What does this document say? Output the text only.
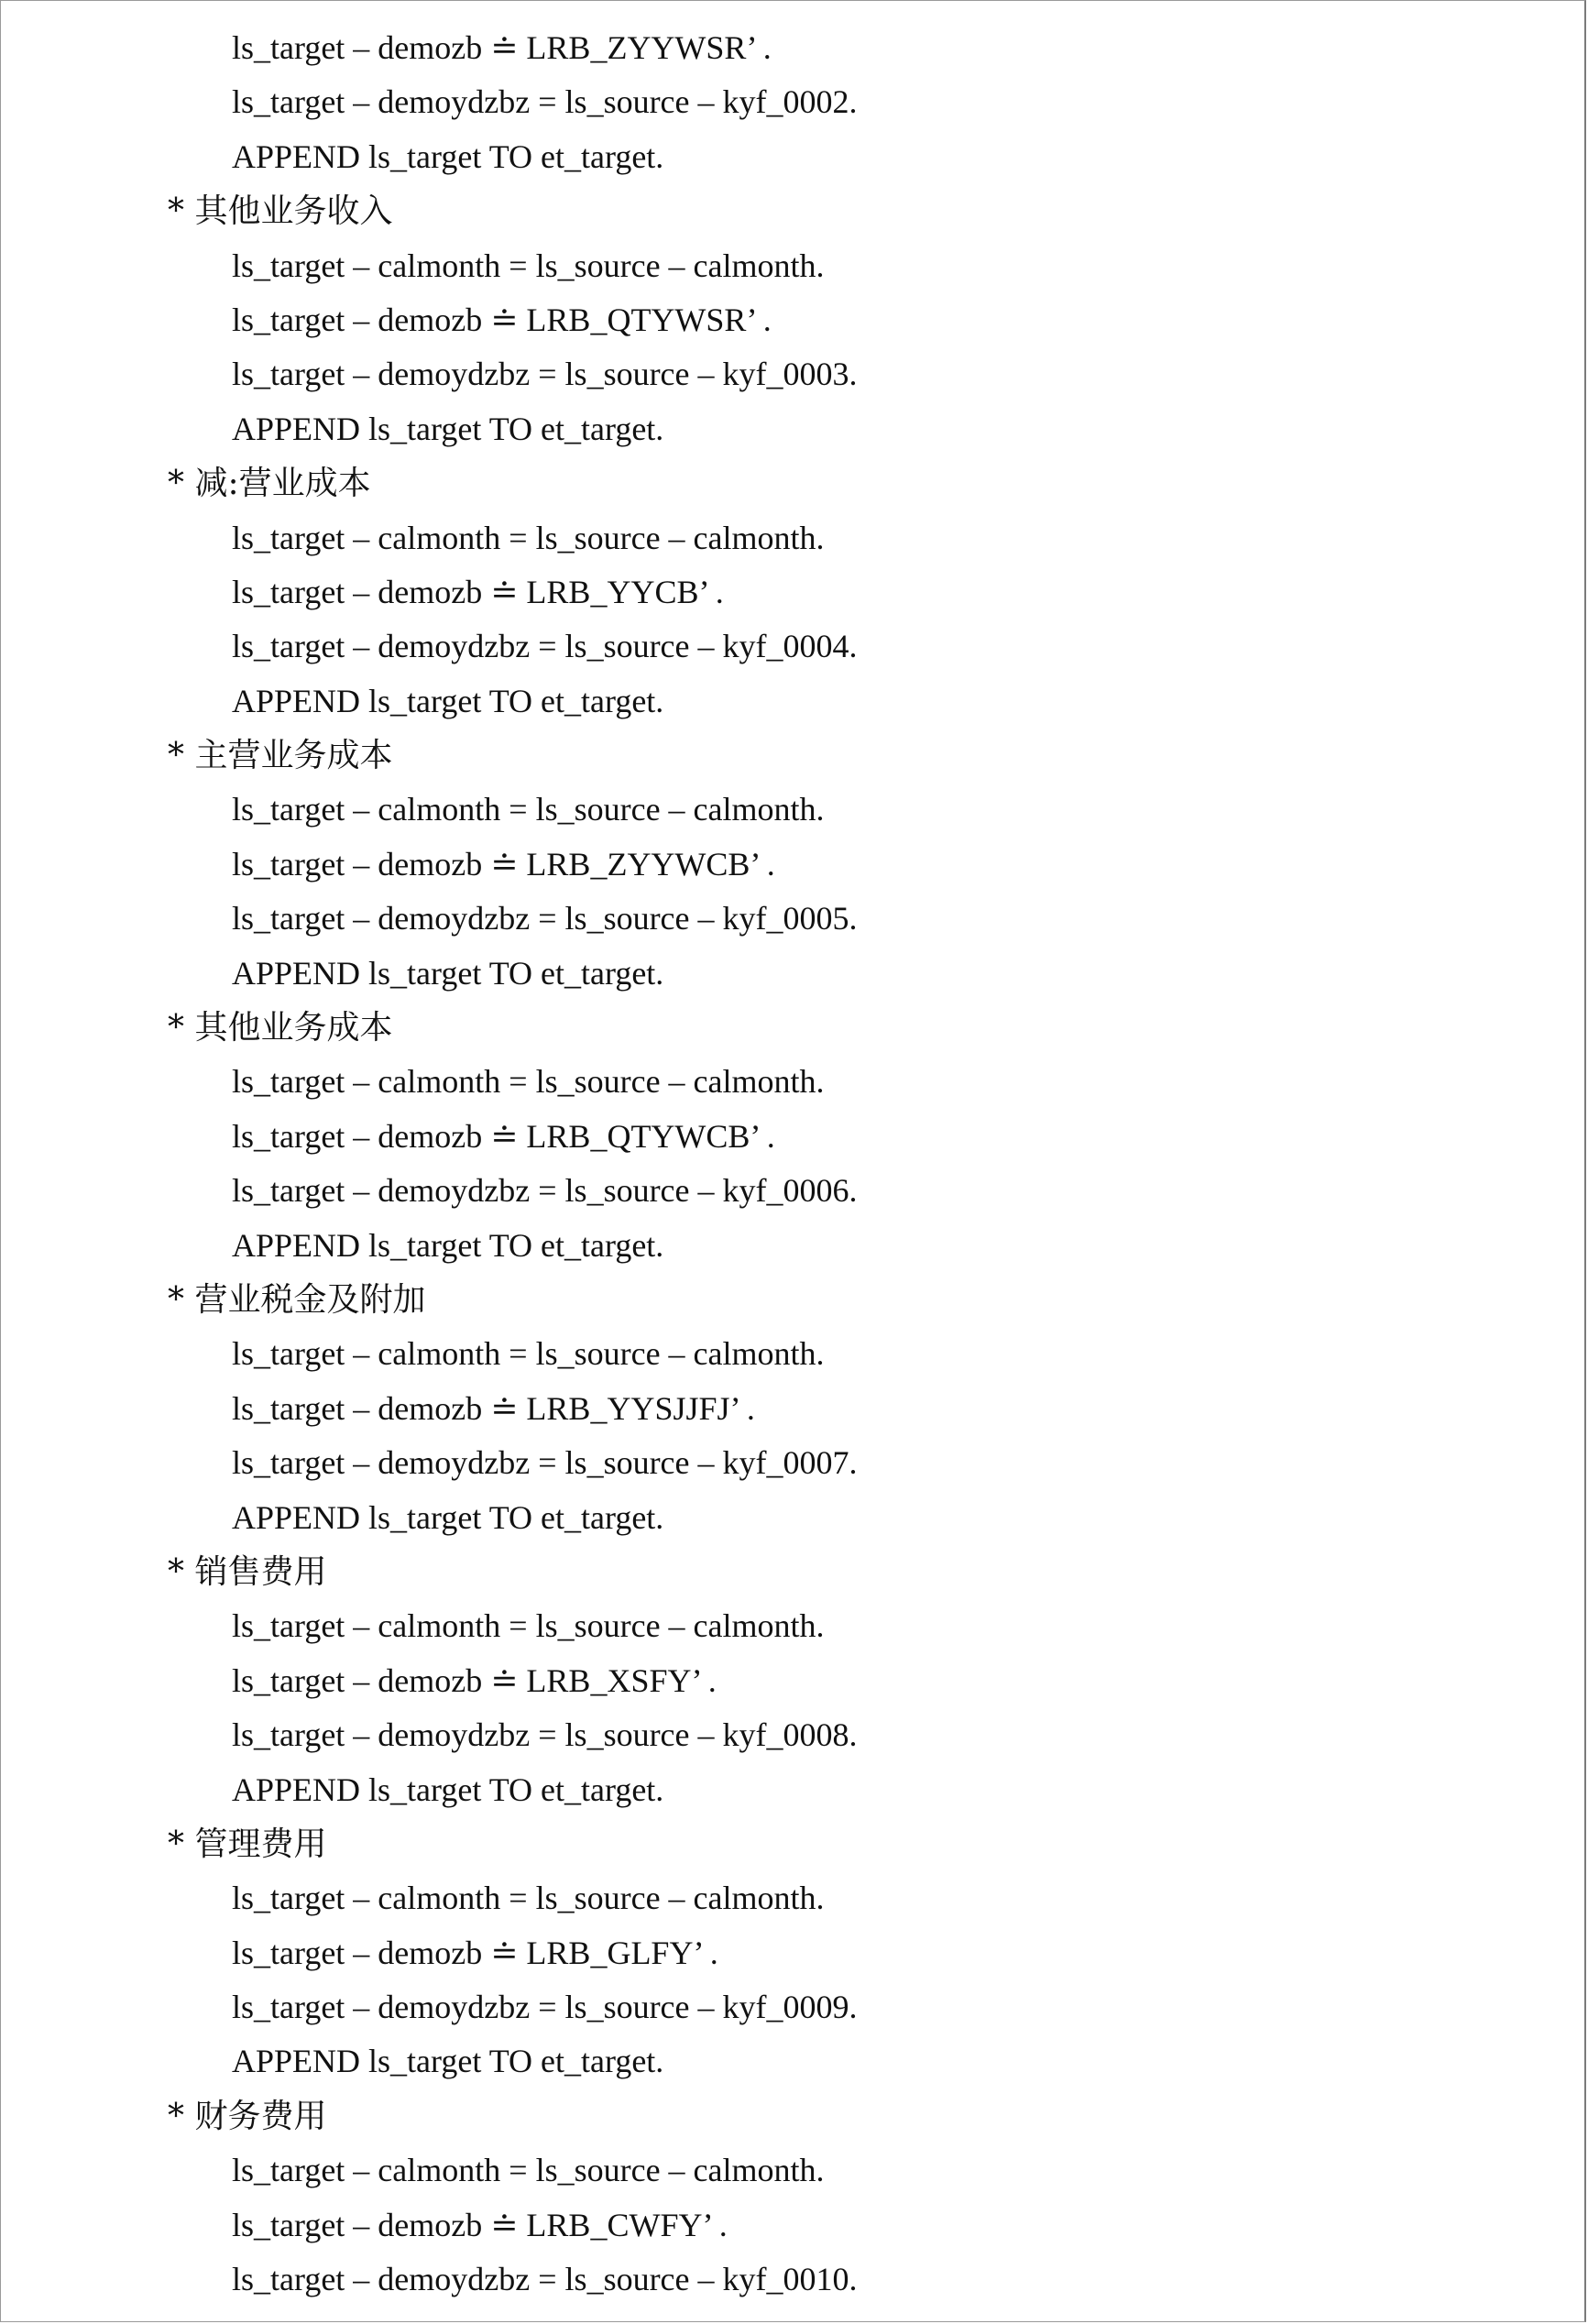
ls_target – demozb ≐ LRB_ZYYWSR’ .
ls_target – demoydzbz = ls_source – kyf_0002.
APPEND ls_target TO et_target.
* 其他业务收入
ls_target – calmonth = ls_source – calmonth.
ls_target – demozb ≐ LRB_QTYWSR’ .
ls_target – demoydzbz = ls_source – kyf_0003.
APPEND ls_target TO et_target.
* 减:营业成本
ls_target – calmonth = ls_source – calmonth.
ls_target – demozb ≐ LRB_YYCB’ .
ls_target – demoydzbz = ls_source – kyf_0004.
APPEND ls_target TO et_target.
* 主营业务成本
ls_target – calmonth = ls_source – calmonth.
ls_target – demozb ≐ LRB_ZYYWCB’ .
ls_target – demoydzbz = ls_source – kyf_0005.
APPEND ls_target TO et_target.
* 其他业务成本
ls_target – calmonth = ls_source – calmonth.
ls_target – demozb ≐ LRB_QTYWCB’ .
ls_target – demoydzbz = ls_source – kyf_0006.
APPEND ls_target TO et_target.
* 营业税金及附加
ls_target – calmonth = ls_source – calmonth.
ls_target – demozb ≐ LRB_YYSJJFJ’ .
ls_target – demoydzbz = ls_source – kyf_0007.
APPEND ls_target TO et_target.
* 销售费用
ls_target – calmonth = ls_source – calmonth.
ls_target – demozb ≐ LRB_XSFY’ .
ls_target – demoydzbz = ls_source – kyf_0008.
APPEND ls_target TO et_target.
* 管理费用
ls_target – calmonth = ls_source – calmonth.
ls_target – demozb ≐ LRB_GLFY’ .
ls_target – demoydzbz = ls_source – kyf_0009.
APPEND ls_target TO et_target.
* 财务费用
ls_target – calmonth = ls_source – calmonth.
ls_target – demozb ≐ LRB_CWFY’ .
ls_target – demoydzbz = ls_source – kyf_0010.
